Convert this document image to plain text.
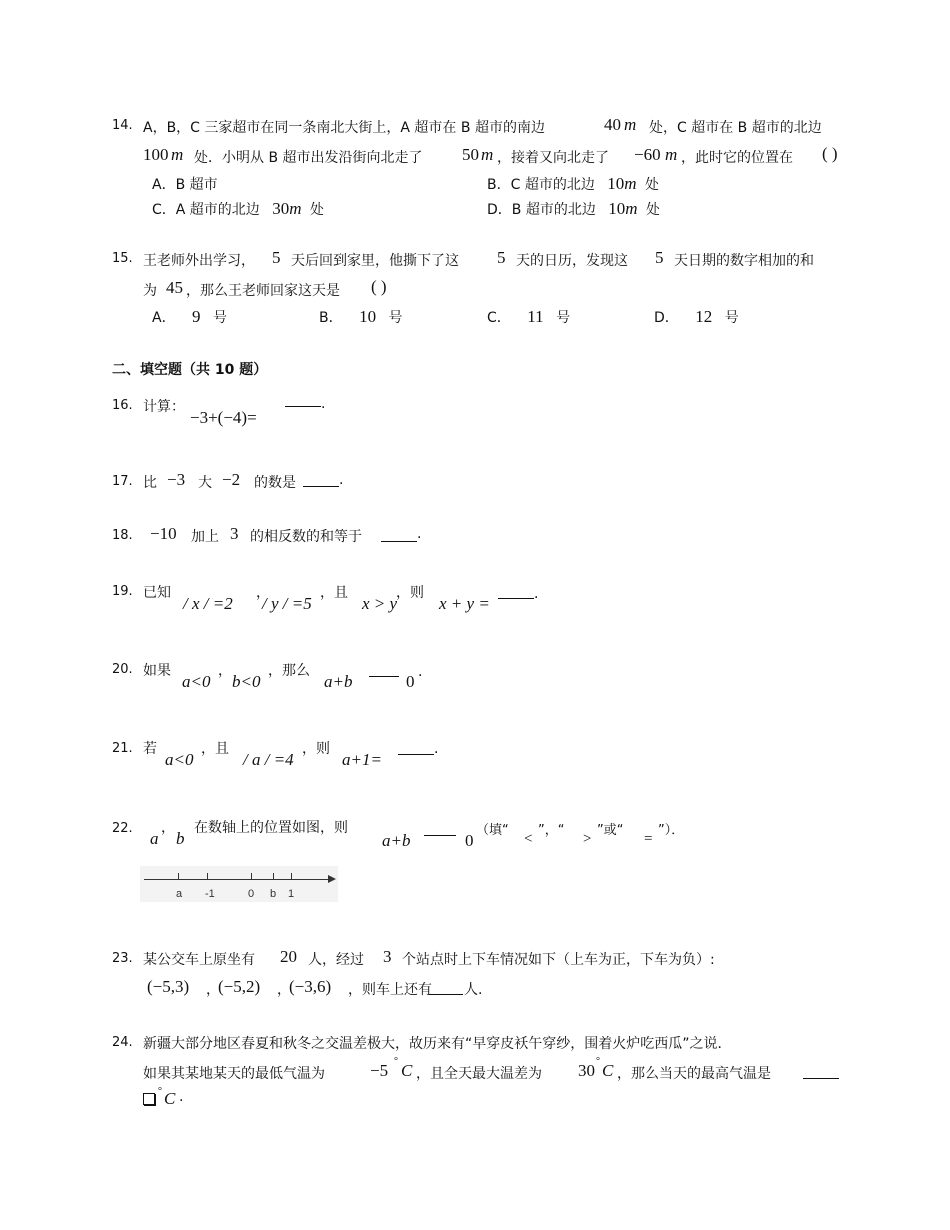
14. A，B，C 三家超市在同一条南北大街上，A 超市在 B 超市的南边	40 m 处，C 超市在 B 超市的北边
100 m 处．小明从 B 超市出发沿街向北走了 50 m ，接着又向北走了 −60 m ，此时它的位置在 ( )
A．B 超市	B．C 超市的北边 10m 处
C．A 超市的北边 30m 处	D．B 超市的北边 10m 处
15. 王老师外出学习， 5 天后回到家里，他撕下了这 5 天的日历，发现这 5 天日期的数字相加的和
为 45 ，那么王老师回家这天是 ( )
A． 9 号	B． 10 号	C． 11 号	D． 12 号
二、填空题（共 10 题）
16. 计算：
−3+(−4)=
.
17. 比 −3 大 −2 的数是	.
18. −10 加上 3 的相反数的和等于	.
19. 已知
/ x / =2
，
/ y / =5
，且
x > y
，则
x + y =	.
20. 如果
a<0
，
b<0
，那么
a+b	0 .
21. 若
a<0
，且
/ a / =4
，则
a+1=
.
22.
a
，
b
在数轴上的位置如图，则
a+b	0
（填“
<
”，“
>
”或“
=
”）．
a -1	0 b 1
23. 某公交车上原坐有 20 人，经过 3 个站点时上下车情况如下（上车为正，下车为负）:
(−5,3) ，
(−5,2) ，
(−3,6) ，则车上还有 人.
24. 新疆大部分地区春夏和秋冬之交温差极大，故历来有“早穿皮袄午穿纱，围着火炉吃西瓜”之说．
如果其某地某天的最低气温为	−5 ° C ，且全天最大温差为 30 ° C ，那么当天的最高气温是
° C .
